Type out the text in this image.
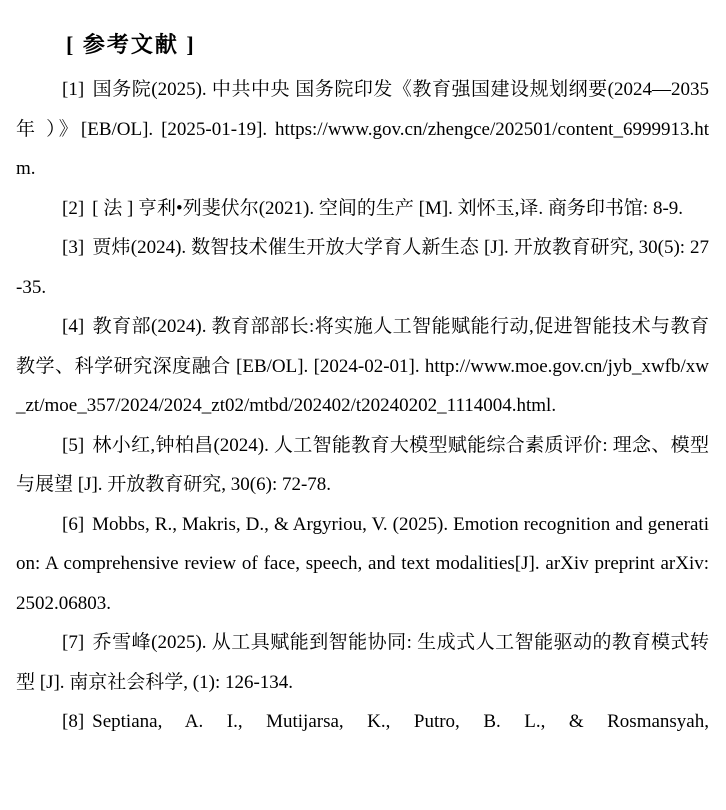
[ 参考文献 ]

[1] 国务院(2025). 中共中央 国务院印发《教育强国建设规划纲要(2024—2035 年 ）》[EB/OL]. [2025-01-19]. https://www.gov.cn/zhengce/202501/content_6999913.htm.

[2] [ 法 ] 亨利•列斐伏尔(2021). 空间的生产 [M]. 刘怀玉,译. 商务印书馆: 8-9.

[3] 贾炜(2024). 数智技术催生开放大学育人新生态 [J]. 开放教育研究, 30(5): 27-35.

[4] 教育部(2024). 教育部部长:将实施人工智能赋能行动,促进智能技术与教育教学、科学研究深度融合 [EB/OL]. [2024-02-01]. http://www.moe.gov.cn/jyb_xwfb/xw_zt/moe_357/2024/2024_zt02/mtbd/202402/t20240202_1114004.html.

[5] 林小红,钟柏昌(2024). 人工智能教育大模型赋能综合素质评价: 理念、模型与展望 [J]. 开放教育研究, 30(6): 72-78.

[6] Mobbs, R., Makris, D., & Argyriou, V. (2025). Emotion recognition and generation: A comprehensive review of face, speech, and text modalities[J]. arXiv preprint arXiv: 2502.06803.

[7] 乔雪峰(2025). 从工具赋能到智能协同: 生成式人工智能驱动的教育模式转型 [J]. 南京社会科学, (1): 126-134.

[8] Septiana, A. I., Mutijarsa, K., Putro, B. L., & Rosmansyah,
